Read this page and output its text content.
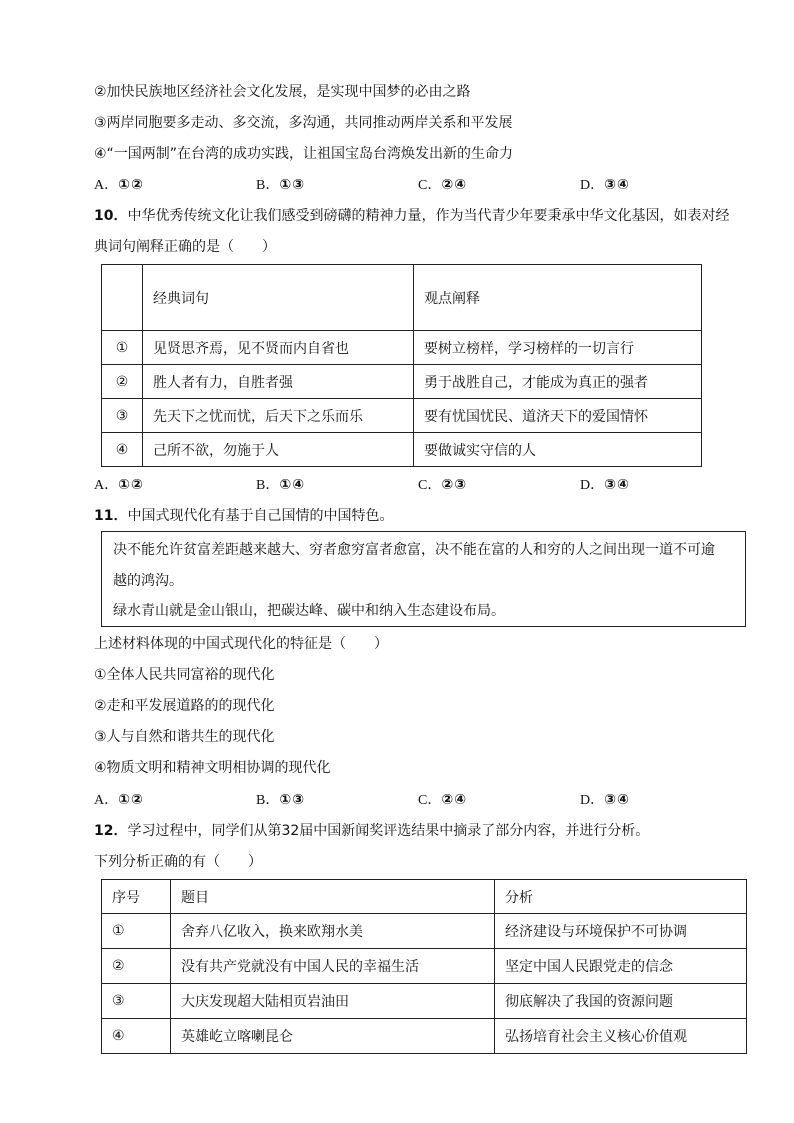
②加快民族地区经济社会文化发展，是实现中国梦的必由之路
③两岸同胞要多走动、多交流，多沟通，共同推动两岸关系和平发展
④“一国两制”在台湾的成功实践，让祖国宝岛台湾焕发出新的生命力
A．①②	B．①③	C．②④	D．③④
10．中华优秀传统文化让我们感受到磅礴的精神力量，作为当代青少年要秉承中华文化基因，如表对经
典词句阐释正确的是（　　）
	经典词句	观点阐释
①	见贤思齐焉，见不贤而内自省也	要树立榜样，学习榜样的一切言行
②	胜人者有力，自胜者强	勇于战胜自己，才能成为真正的强者
③	先天下之忧而忧，后天下之乐而乐	要有忧国忧民、道济天下的爱国情怀
④	己所不欲，勿施于人	要做诚实守信的人
A．①②	B．①④	C．②③	D．③④
11．中国式现代化有基于自己国情的中国特色。
决不能允许贫富差距越来越大、穷者愈穷富者愈富，决不能在富的人和穷的人之间出现一道不可逾
越的鸿沟。
绿水青山就是金山银山，把碳达峰、碳中和纳入生态建设布局。
上述材料体现的中国式现代化的特征是（　　）
①全体人民共同富裕的现代化
②走和平发展道路的的现代化
③人与自然和谐共生的现代化
④物质文明和精神文明相协调的现代化
A．①②	B．①③	C．②④	D．③④
12．学习过程中，同学们从第32届中国新闻奖评选结果中摘录了部分内容，并进行分析。
下列分析正确的有（　　）
序号	题目	分析
①	舍弃八亿收入，换来欧翔水美	经济建设与环境保护不可协调
②	没有共产党就没有中国人民的幸福生活	坚定中国人民跟党走的信念
③	大庆发现超大陆相页岩油田	彻底解决了我国的资源问题
④	英雄屹立喀喇昆仑	弘扬培育社会主义核心价值观
